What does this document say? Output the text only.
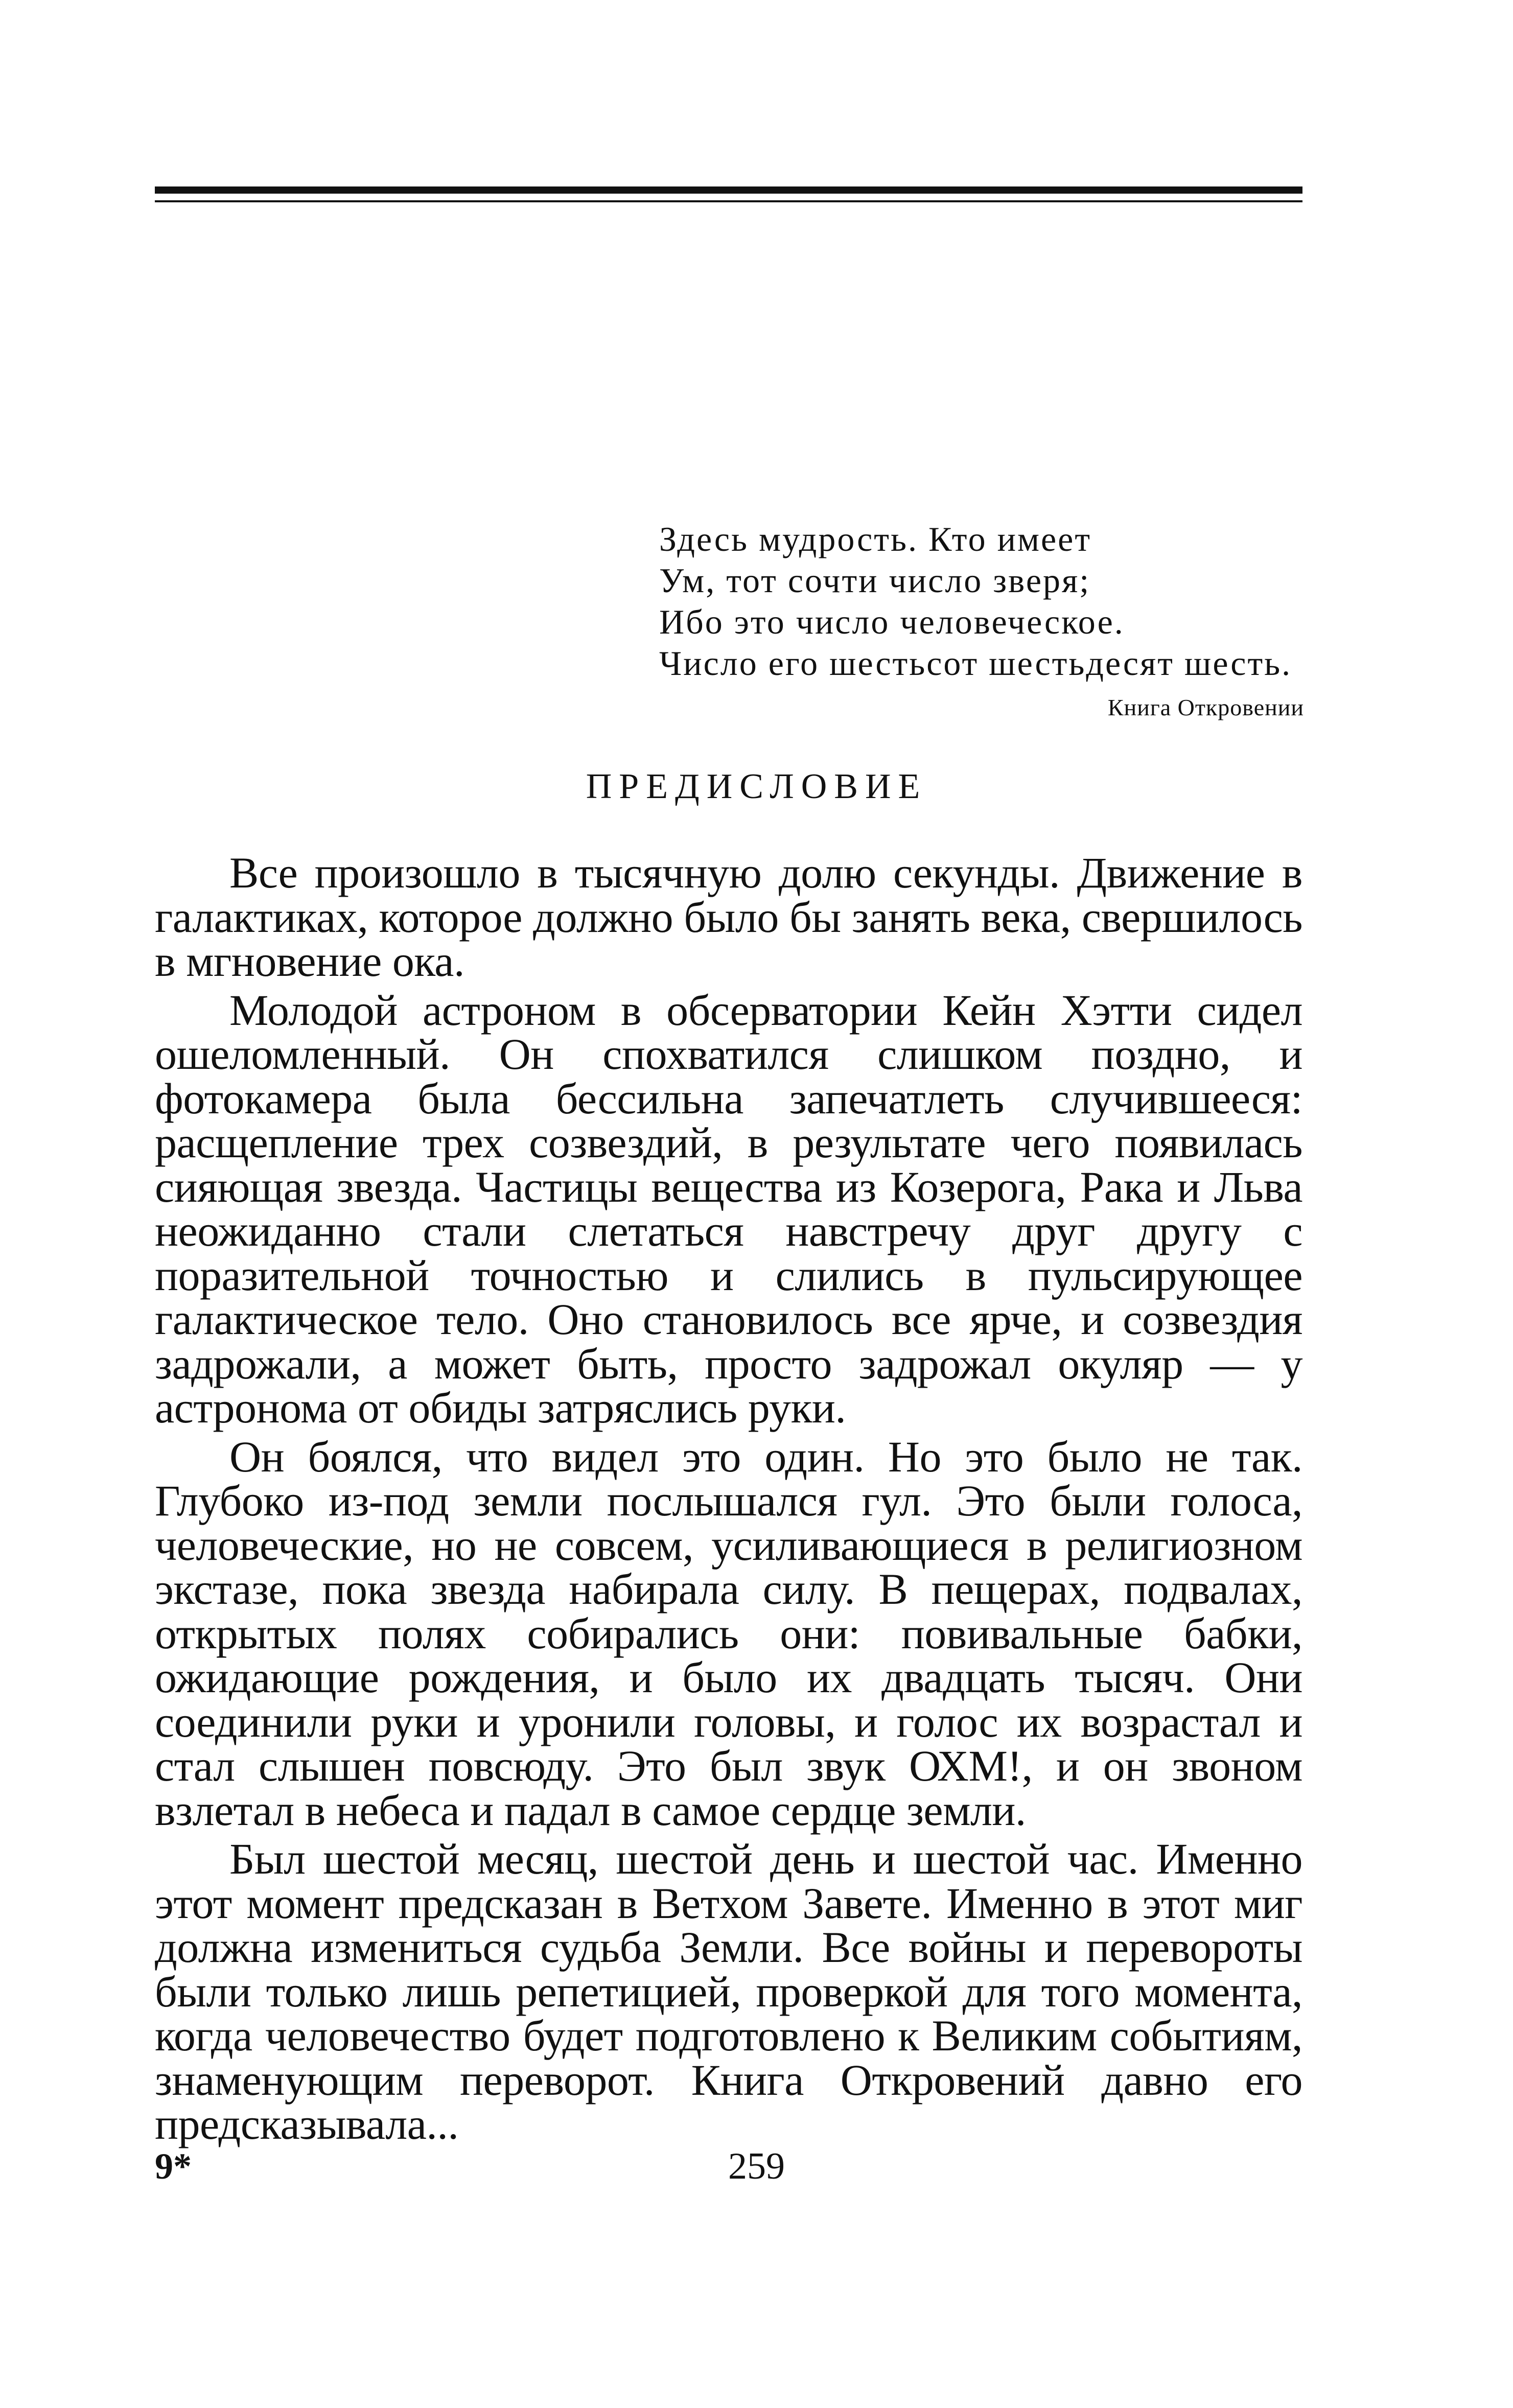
Здесь мудрость. Кто имеет
Ум, тот сочти число зверя;
Ибо это число человеческое.
Число его шестьсот шестьдесят шесть.
Книга Откровении
ПРЕДИСЛОВИЕ

Все произошло в тысячную долю секунды. Движение в галактиках, которое должно было бы занять века, свершилось в мгновение ока.

Молодой астроном в обсерватории Кейн Хэтти сидел ошеломленный. Он спохватился слишком поздно, и фотокамера была бессильна запечатлеть случившееся: расщепление трех созвездий, в результате чего появилась сияющая звезда. Частицы вещества из Козерога, Рака и Льва неожиданно стали слетаться навстречу друг другу с поразительной точностью и слились в пульсирующее галактическое тело. Оно становилось все ярче, и созвездия задрожали, а может быть, просто задрожал окуляр — у астронома от обиды затряслись руки.

Он боялся, что видел это один. Но это было не так. Глубоко из-под земли послышался гул. Это были голоса, человеческие, но не совсем, усиливающиеся в религиозном экстазе, пока звезда набирала силу. В пещерах, подвалах, открытых полях собирались они: повивальные бабки, ожидающие рождения, и было их двадцать тысяч. Они соединили руки и уронили головы, и голос их возрастал и стал слышен повсюду. Это был звук ОХМ!, и он звоном взлетал в небеса и падал в самое сердце земли.

Был шестой месяц, шестой день и шестой час. Именно этот момент предсказан в Ветхом Завете. Именно в этот миг должна измениться судьба Земли. Все войны и перевороты были только лишь репетицией, проверкой для того момента, когда человечество будет подготовлено к Великим событиям, знаменующим переворот. Книга Откровений давно его предсказывала...

9*	259
